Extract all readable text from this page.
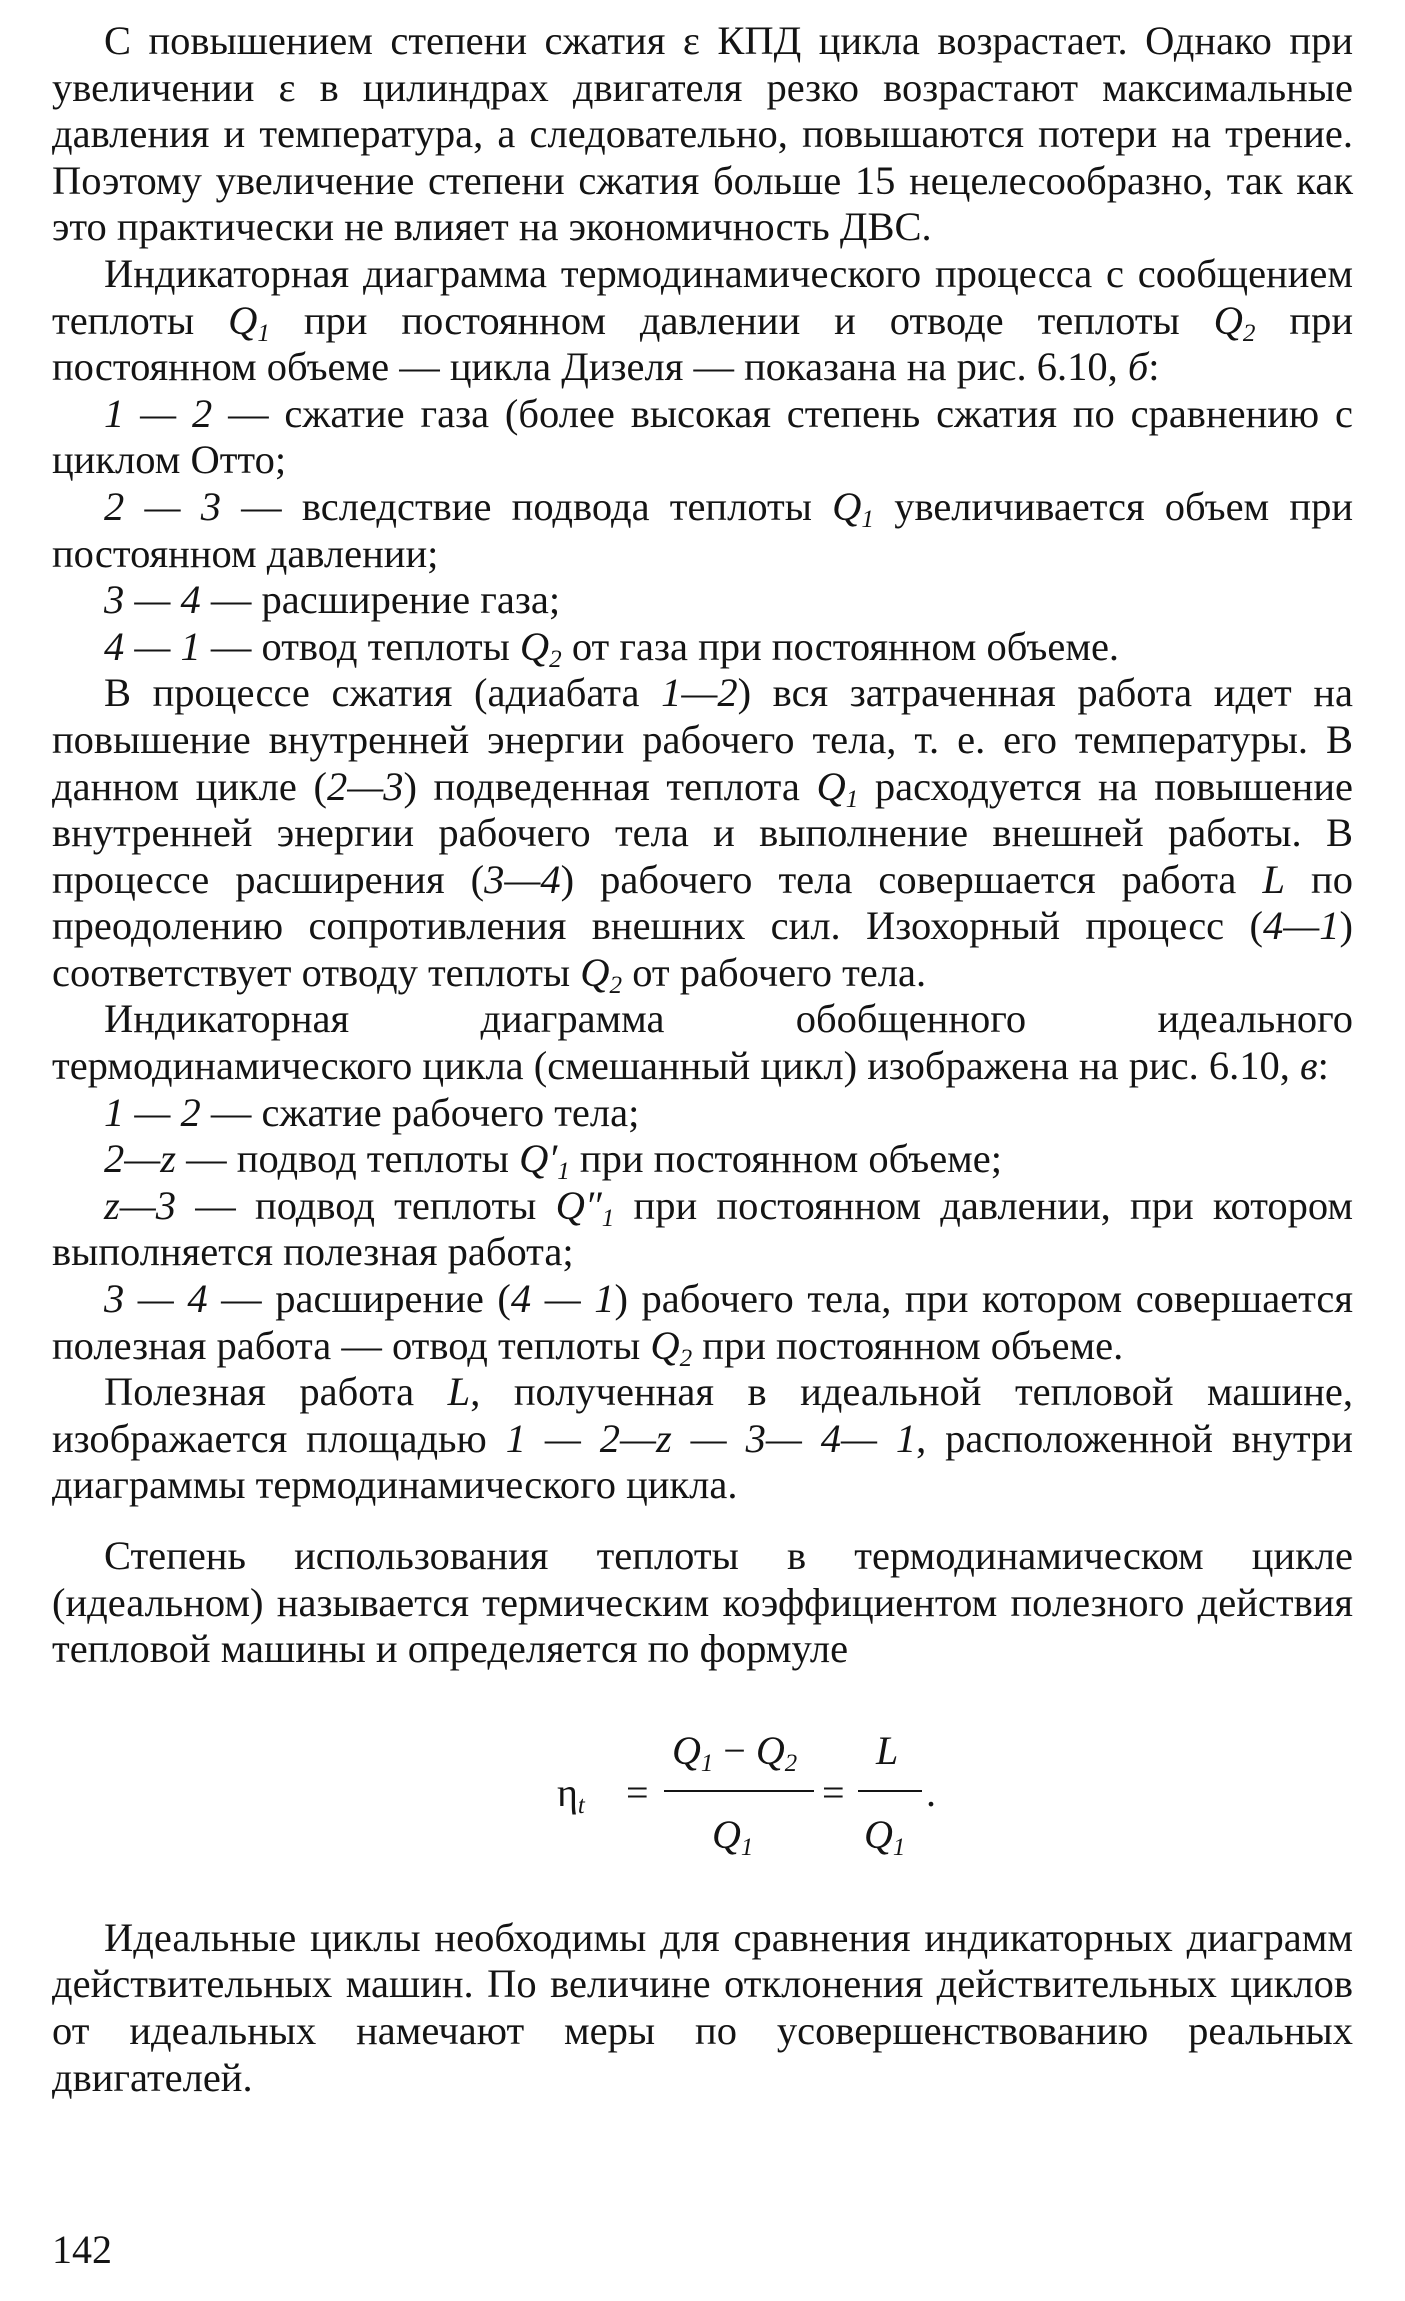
С повышением степени сжатия ε КПД цикла возрастает. Однако при увеличении ε в цилиндрах двигателя резко возрастают максимальные давления и температура, а следовательно, повышаются потери на трение. Поэтому увеличение степени сжатия больше 15 нецелесообразно, так как это практически не влияет на экономичность ДВС.

Индикаторная диаграмма термодинамического процесса с сообщением теплоты $Q_1$ при постоянном давлении и отводе теплоты $Q_2$ при постоянном объеме — цикла Дизеля — показана на рис. 6.10, б:

1 — 2 — сжатие газа (более высокая степень сжатия по сравнению с циклом Отто;

2 — 3 — вследствие подвода теплоты $Q_1$ увеличивается объем при постоянном давлении;

3 — 4 — расширение газа;

4 — 1 — отвод теплоты $Q_2$ от газа при постоянном объеме.

В процессе сжатия (адиабата 1—2) вся затраченная работа идет на повышение внутренней энергии рабочего тела, т. е. его температуры. В данном цикле (2—3) подведенная теплота $Q_1$ расходуется на повышение внутренней энергии рабочего тела и выполнение внешней работы. В процессе расширения (3—4) рабочего тела совершается работа L по преодолению сопротивления внешних сил. Изохорный процесс (4—1) соответствует отводу теплоты $Q_2$ от рабочего тела.

Индикаторная диаграмма обобщенного идеального термодинамического цикла (смешанный цикл) изображена на рис. 6.10, в:

1 — 2 — сжатие рабочего тела;

2—z — подвод теплоты $Q'_1$ при постоянном объеме;

z—3 — подвод теплоты $Q''_1$ при постоянном давлении, при котором выполняется полезная работа;

3 — 4 — расширение (4 — 1) рабочего тела, при котором совершается полезная работа — отвод теплоты $Q_2$ при постоянном объеме.

Полезная работа L, полученная в идеальной тепловой машине, изображается площадью 1 — 2—z — 3— 4— 1, расположенной внутри диаграммы термодинамического цикла.

Степень использования теплоты в термодинамическом цикле (идеальном) называется термическим коэффициентом полезного действия тепловой машины и определяется по формуле

$\eta_t$ =
$Q_1 - Q_2$
$Q_1$
=
L
$Q_1$
.

Идеальные циклы необходимы для сравнения индикаторных диаграмм действительных машин. По величине отклонения действительных циклов от идеальных намечают меры по усовершенствованию реальных двигателей.

142
